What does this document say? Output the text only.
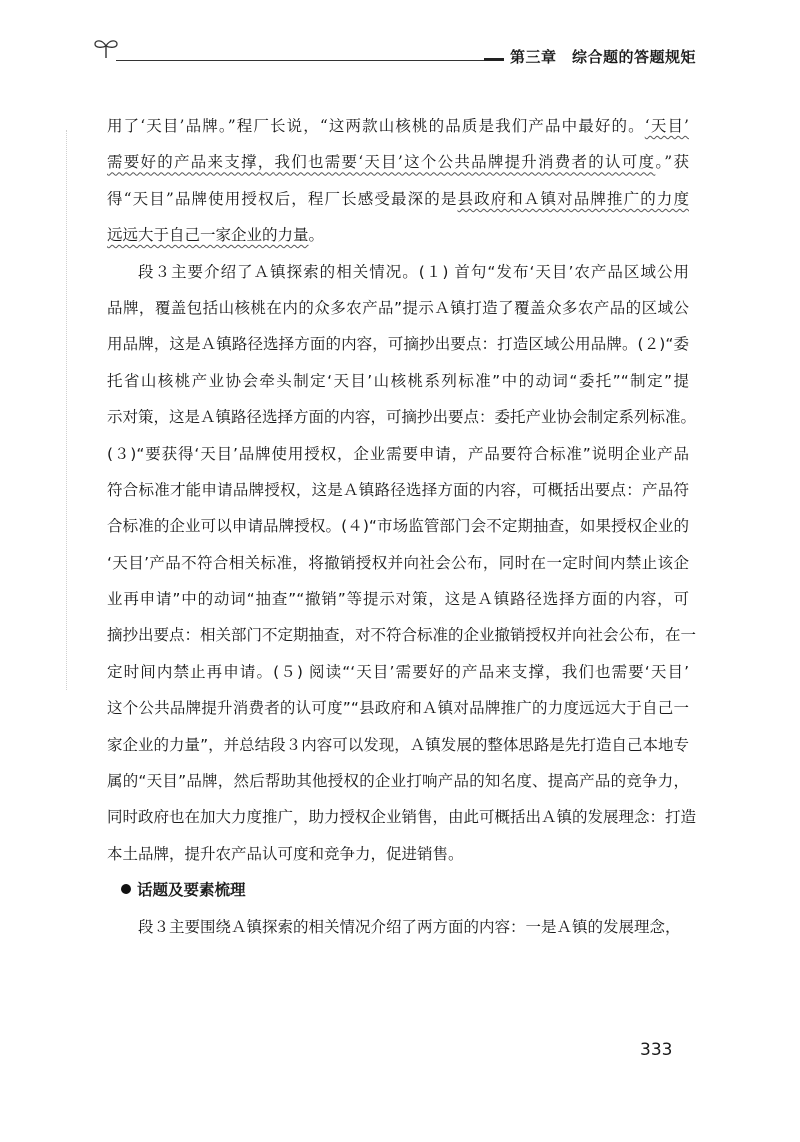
第三章　综合题的答题规矩
用了‘天目’品牌。”程厂长说，“这两款山核桃的品质是我们产品中最好的。‘天目’
需要好的产品来支撑，我们也需要‘天目’这个公共品牌提升消费者的认可度。”获
得“天目”品牌使用授权后，程厂长感受最深的是县政府和Ａ镇对品牌推广的力度
远远大于自己一家企业的力量。
段３主要介绍了Ａ镇探索的相关情况。(１) 首句“发布‘天目’农产品区域公用
品牌，覆盖包括山核桃在内的众多农产品”提示Ａ镇打造了覆盖众多农产品的区域公
用品牌，这是Ａ镇路径选择方面的内容，可摘抄出要点：打造区域公用品牌。(２)“委
托省山核桃产业协会牵头制定‘天目’山核桃系列标准”中的动词“委托”“制定”提
示对策，这是Ａ镇路径选择方面的内容，可摘抄出要点：委托产业协会制定系列标准。
(３)“要获得‘天目’品牌使用授权，企业需要申请，产品要符合标准”说明企业产品
符合标准才能申请品牌授权，这是Ａ镇路径选择方面的内容，可概括出要点：产品符
合标准的企业可以申请品牌授权。(４)“市场监管部门会不定期抽查，如果授权企业的
‘天目’产品不符合相关标准，将撤销授权并向社会公布，同时在一定时间内禁止该企
业再申请”中的动词“抽查”“撤销”等提示对策，这是Ａ镇路径选择方面的内容，可
摘抄出要点：相关部门不定期抽查，对不符合标准的企业撤销授权并向社会公布，在一
定时间内禁止再申请。(５) 阅读“‘天目’需要好的产品来支撑，我们也需要‘天目’
这个公共品牌提升消费者的认可度”“县政府和Ａ镇对品牌推广的力度远远大于自己一
家企业的力量”，并总结段３内容可以发现，Ａ镇发展的整体思路是先打造自己本地专
属的“天目”品牌，然后帮助其他授权的企业打响产品的知名度、提高产品的竞争力，
同时政府也在加大力度推广，助力授权企业销售，由此可概括出Ａ镇的发展理念：打造
本土品牌，提升农产品认可度和竞争力，促进销售。
话题及要素梳理
段３主要围绕Ａ镇探索的相关情况介绍了两方面的内容：一是Ａ镇的发展理念，
333
